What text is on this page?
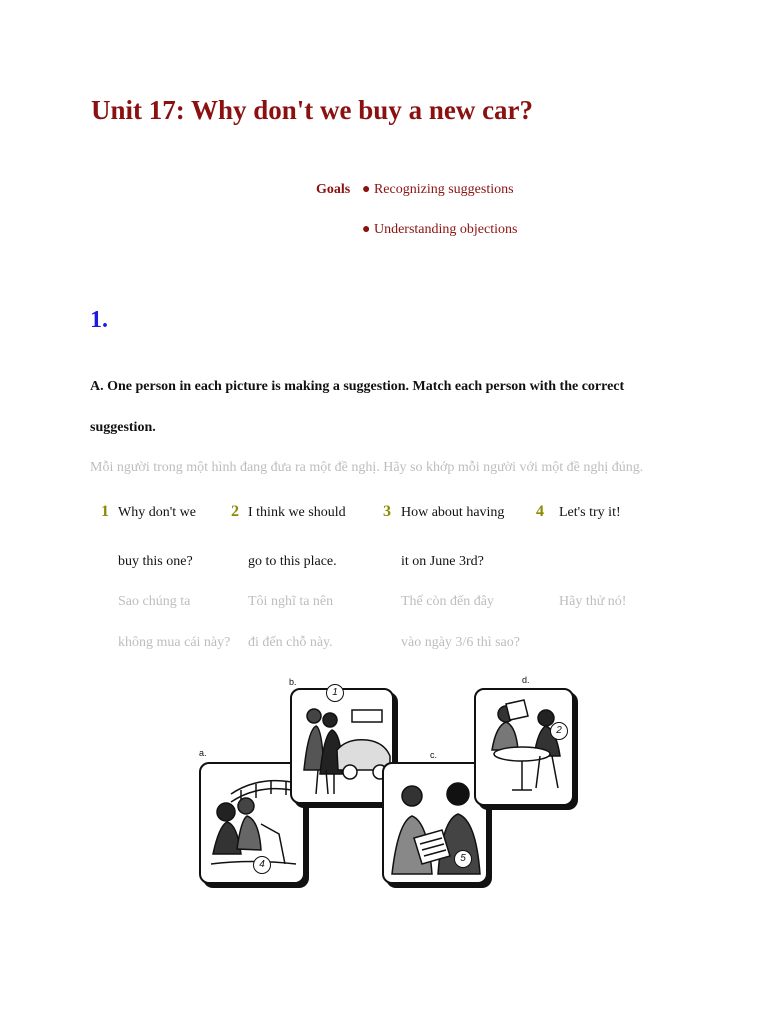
Unit 17: Why don't we buy a new car?
Goals ● Recognizing suggestions
● Understanding objections
1.
A. One person in each picture is making a suggestion. Match each person with the correct
suggestion.
Mỗi người trong một hình đang đưa ra một đề nghị. Hãy so khớp mỗi người với một đề nghị đúng.
1 Why don't we
buy this one?
Sao chúng ta
không mua cái này?
2 I think we should
go to this place.
Tôi nghĩ ta nên
đi đến chỗ này.
3 How about having
it on June 3rd?
Thế còn đến đây
vào ngày 3/6 thì sao?
4 Let's try it!
Hãy thử nó!
a.
4
b.
1
c.
5
d.
2
